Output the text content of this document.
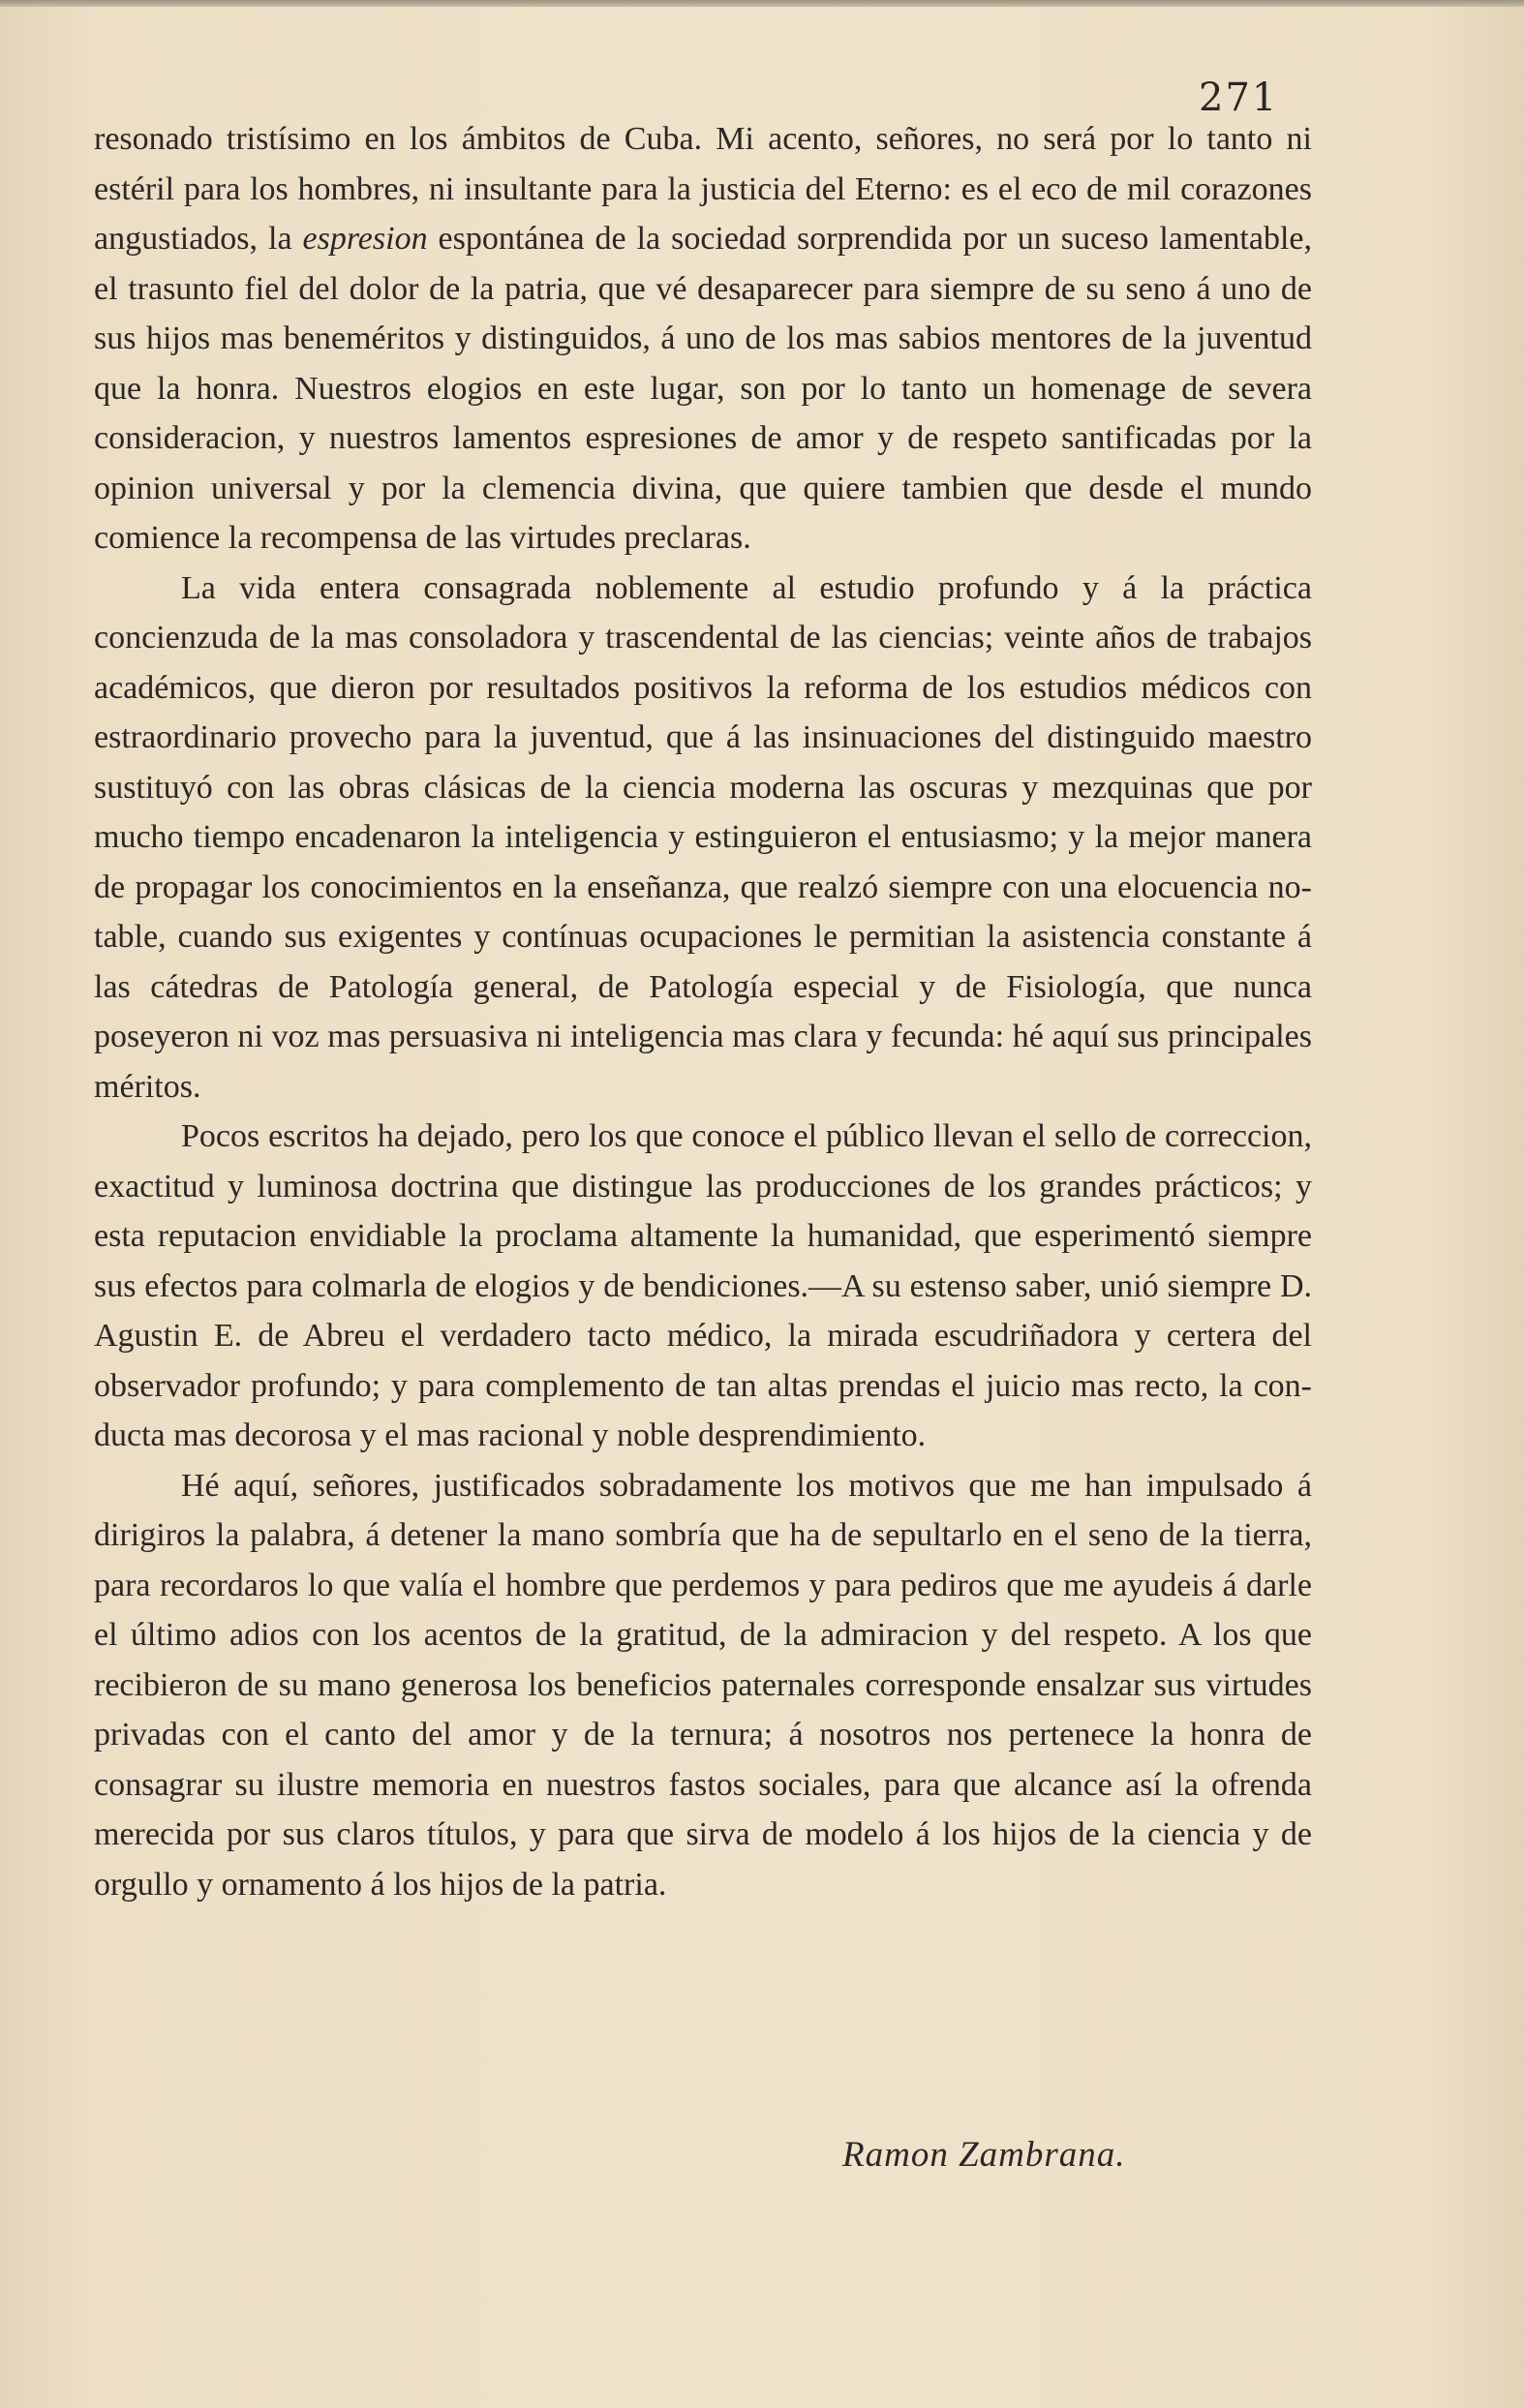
271

resonado tristísimo en los ámbitos de Cuba. Mi acento, señores, no será por lo tanto ni estéril para los hombres, ni insultante para la justicia del Eterno: es el eco de mil corazones angustiados, la espresion espontánea de la sociedad sorprendida por un suceso lamentable, el trasunto fiel del dolor de la patria, que vé desaparecer para siempre de su seno á uno de sus hijos mas beneméritos y distinguidos, á uno de los mas sabios mentores de la juventud que la honra. Nuestros elogios en este lugar, son por lo tanto un homenage de severa consideracion, y nuestros lamentos espresiones de amor y de respeto santificadas por la opinion universal y por la clemencia divina, que quiere tambien que desde el mundo comience la recompensa de las virtudes preclaras.

La vida entera consagrada noblemente al estudio profundo y á la práctica concienzuda de la mas consoladora y trascendental de las ciencias; veinte años de trabajos académicos, que dieron por resultados positivos la reforma de los estudios médicos con estraordinario provecho para la juventud, que á las insinuaciones del distinguido maestro sustituyó con las obras clásicas de la ciencia moderna las oscuras y mezquinas que por mucho tiempo encadenaron la inteligencia y estinguieron el entusiasmo; y la mejor manera de propagar los conocimientos en la enseñanza, que realzó siempre con una elocuencia notable, cuando sus exigentes y contínuas ocupaciones le permitian la asistencia constante á las cátedras de Patología general, de Patología especial y de Fisiología, que nunca poseyeron ni voz mas persuasiva ni inteligencia mas clara y fecunda: hé aquí sus principales méritos.

Pocos escritos ha dejado, pero los que conoce el público llevan el sello de correccion, exactitud y luminosa doctrina que distingue las producciones de los grandes prácticos; y esta reputacion envidiable la proclama altamente la humanidad, que esperimentó siempre sus efectos para colmarla de elogios y de bendiciones.—A su estenso saber, unió siempre D. Agustin E. de Abreu el verdadero tacto médico, la mirada escudriñadora y certera del observador profundo; y para complemento de tan altas prendas el juicio mas recto, la conducta mas decorosa y el mas racional y noble desprendimiento.

Hé aquí, señores, justificados sobradamente los motivos que me han impulsado á dirigiros la palabra, á detener la mano sombría que ha de sepultarlo en el seno de la tierra, para recordaros lo que valía el hombre que perdemos y para pediros que me ayudeis á darle el último adios con los acentos de la gratitud, de la admiracion y del respeto. A los que recibieron de su mano generosa los beneficios paternales corresponde ensalzar sus virtudes privadas con el canto del amor y de la ternura; á nosotros nos pertenece la honra de consagrar su ilustre memoria en nuestros fastos sociales, para que alcance así la ofrenda merecida por sus claros títulos, y para que sirva de modelo á los hijos de la ciencia y de orgullo y ornamento á los hijos de la patria.

Ramon Zambrana.
